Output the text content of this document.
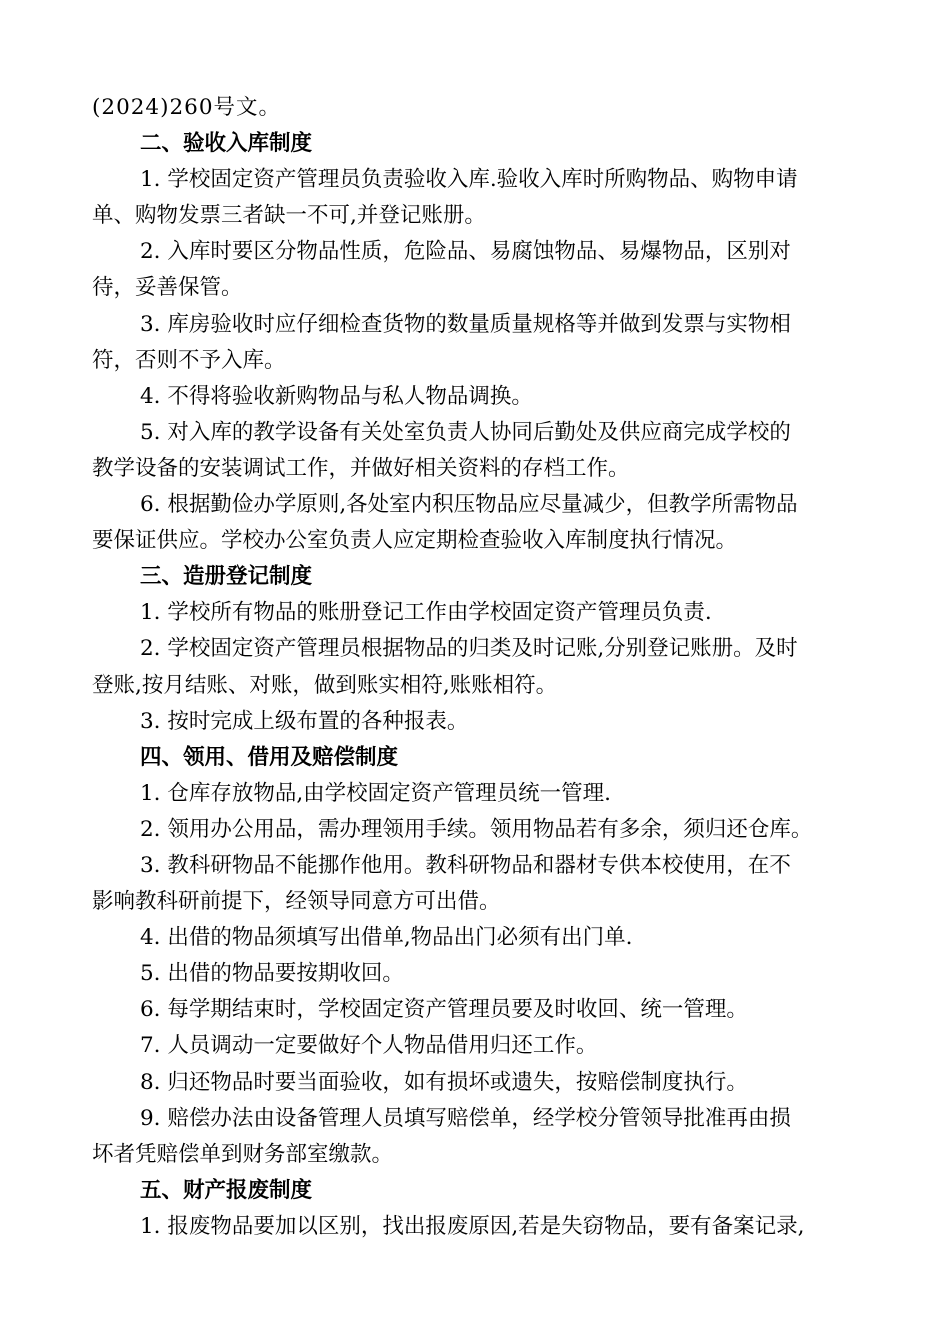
(2024)260号文。
二、验收入库制度
1. 学校固定资产管理员负责验收入库.验收入库时所购物品、购物申请
单、购物发票三者缺一不可,并登记账册。
2. 入库时要区分物品性质，危险品、易腐蚀物品、易爆物品，区别对
待，妥善保管。
3. 库房验收时应仔细检查货物的数量质量规格等并做到发票与实物相
符，否则不予入库。
4. 不得将验收新购物品与私人物品调换。
5. 对入库的教学设备有关处室负责人协同后勤处及供应商完成学校的
教学设备的安装调试工作，并做好相关资料的存档工作。
6. 根据勤俭办学原则,各处室内积压物品应尽量减少，但教学所需物品
要保证供应。学校办公室负责人应定期检查验收入库制度执行情况。
三、造册登记制度
1. 学校所有物品的账册登记工作由学校固定资产管理员负责.
2. 学校固定资产管理员根据物品的归类及时记账,分别登记账册。及时
登账,按月结账、对账，做到账实相符,账账相符。
3. 按时完成上级布置的各种报表。
四、领用、借用及赔偿制度
1. 仓库存放物品,由学校固定资产管理员统一管理.
2. 领用办公用品，需办理领用手续。领用物品若有多余，须归还仓库。
3. 教科研物品不能挪作他用。教科研物品和器材专供本校使用，在不
影响教科研前提下，经领导同意方可出借。
4. 出借的物品须填写出借单,物品出门必须有出门单.
5. 出借的物品要按期收回。
6. 每学期结束时，学校固定资产管理员要及时收回、统一管理。
7. 人员调动一定要做好个人物品借用归还工作。
8. 归还物品时要当面验收，如有损坏或遗失，按赔偿制度执行。
9. 赔偿办法由设备管理人员填写赔偿单，经学校分管领导批准再由损
坏者凭赔偿单到财务部室缴款。
五、财产报废制度
1. 报废物品要加以区别，找出报废原因,若是失窃物品，要有备案记录,
